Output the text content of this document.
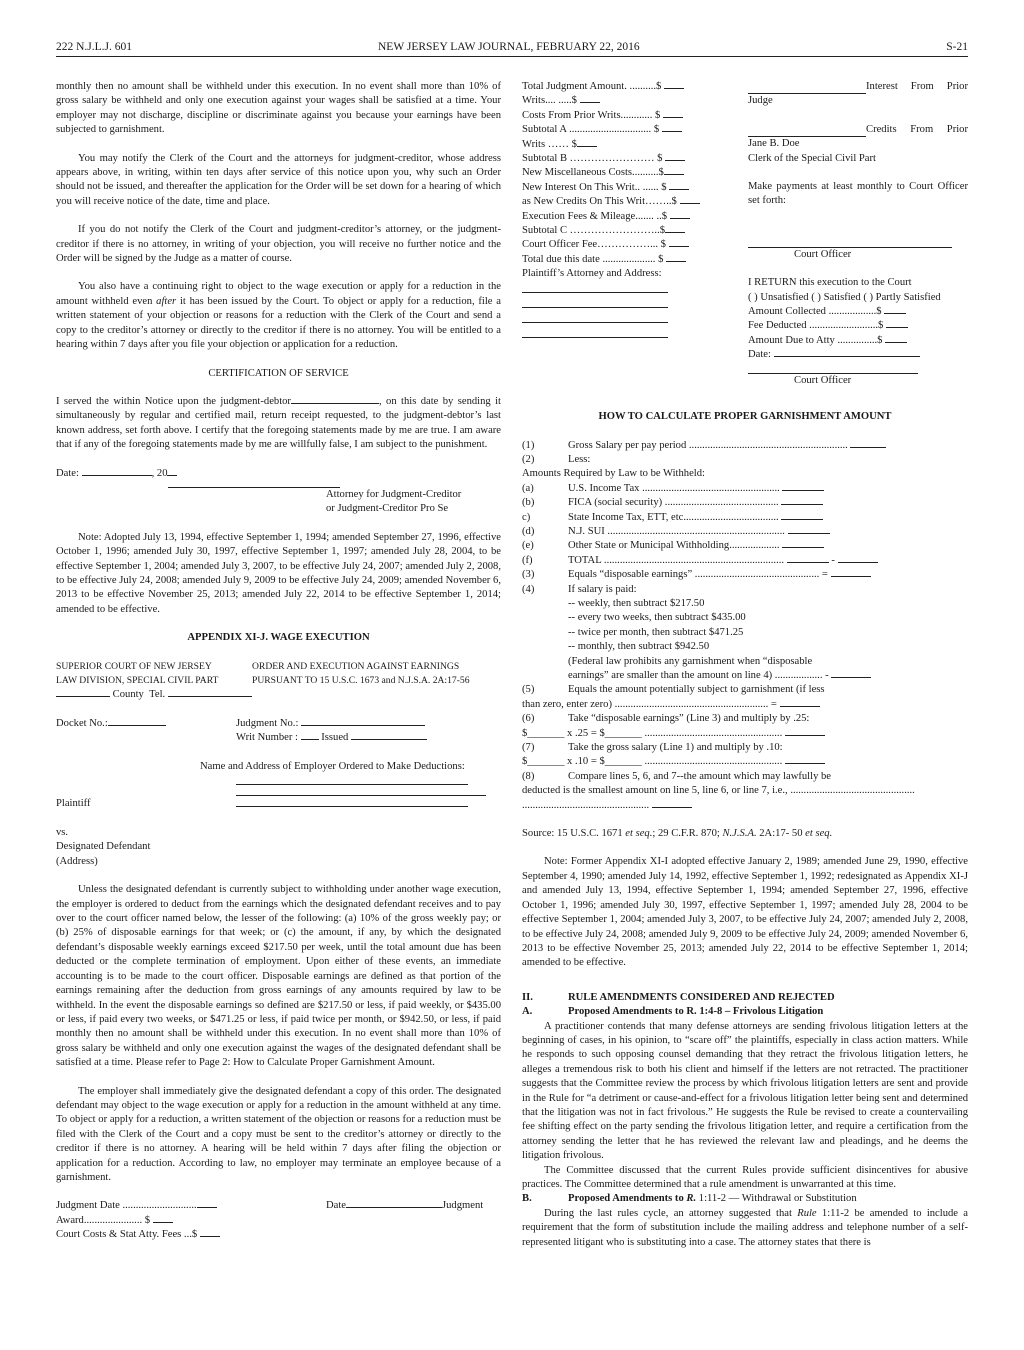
222 N.J.L.J. 601	NEW JERSEY LAW JOURNAL, FEBRUARY 22, 2016	S-21

monthly then no amount shall be withheld under this execution. In no event shall more than 10% of gross salary be withheld and only one execution against your wages shall be satisfied at a time. Your employer may not discharge, discipline or discriminate against you because your earnings have been subjected to garnishment.

You may notify the Clerk of the Court and the attorneys for judgment-creditor, whose address appears above, in writing, within ten days after service of this notice upon you, why such an Order should not be issued, and thereafter the application for the Order will be set down for a hearing of which you will receive notice of the date, time and place.

If you do not notify the Clerk of the Court and judgment-creditor’s attorney, or the judgment-creditor if there is no attorney, in writing of your objection, you will receive no further notice and the Order will be signed by the Judge as a matter of course.

You also have a continuing right to object to the wage execution or apply for a reduction in the amount withheld even after it has been issued by the Court. To object or apply for a reduction, file a written statement of your objection or reasons for a reduction with the Clerk of the Court and send a copy to the creditor’s attorney or directly to the creditor if there is no attorney. You will be entitled to a hearing within 7 days after you file your objection or application for a reduction.

CERTIFICATION OF SERVICE

I served the within Notice upon the judgment-debtor	, on this date by sending it simultaneously by regular and certified mail, return receipt requested, to the judgment-debtor’s last known address, set forth above. I certify that the foregoing statements made by me are true. I am aware that if any of the foregoing statements made by me are willfully false, I am subject to the punishment.

Date:	, 20

Attorney for Judgment-Creditor

or Judgment-Creditor Pro Se

Note: Adopted July 13, 1994, effective September 1, 1994; amended September 27, 1996, effective October 1, 1996; amended July 30, 1997, effective September 1, 1997; amended July 28, 2004, to be effective September 1, 2004; amended July 3, 2007, to be effective July 24, 2007; amended July 2, 2008, to be effective July 24, 2008; amended July 9, 2009 to be effective July 24, 2009; amended November 6, 2013 to be effective November 25, 2013; amended July 22, 2014 to be effective September 1, 2014; amended to be effective.

APPENDIX XI-J. WAGE EXECUTION

SUPERIOR COURT OF NEW JERSEY
LAW DIVISION, SPECIAL CIVIL PART
ORDER AND EXECUTION AGAINST EARNINGS
PURSUANT TO 15 U.S.C. 1673 and N.J.S.A. 2A:17-56

County Tel.

Docket No.:	Judgment No.:
Writ Number : Issued

Name and Address of Employer Ordered to Make Deductions:

Plaintiff

vs.

Designated Defendant

(Address)

Unless the designated defendant is currently subject to withholding under another wage execution, the employer is ordered to deduct from the earnings which the designated defendant receives and to pay over to the court officer named below, the lesser of the following: (a) 10% of the gross weekly pay; or (b) 25% of disposable earnings for that week; or (c) the amount, if any, by which the designated defendant’s disposable weekly earnings exceed $217.50 per week, until the total amount due has been deducted or the complete termination of employment. Upon either of these events, an immediate accounting is to be made to the court officer. Disposable earnings are defined as that portion of the earnings remaining after the deduction from gross earnings of any amounts required by law to be withheld. In the event the disposable earnings so defined are $217.50 or less, if paid weekly, or $435.00 or less, if paid every two weeks, or $471.25 or less, if paid twice per month, or $942.50, or less, if paid monthly then no amount shall be withheld under this execution. In no event shall more than 10% of gross salary be withheld and only one execution against the wages of the designated defendant shall be satisfied at a time. Please refer to Page 2: How to Calculate Proper Garnishment Amount.

The employer shall immediately give the designated defendant a copy of this order. The designated defendant may object to the wage execution or apply for a reduction in the amount withheld at any time. To object or apply for a reduction, a written statement of the objection or reasons for a reduction must be filed with the Clerk of the Court and a copy must be sent to the creditor’s attorney or directly to the creditor if there is no attorney. A hearing will be held within 7 days after filing the objection or application for a reduction. According to law, no employer may terminate an employee because of a garnishment.

Judgment Date ............................
Award...................... $
Court Costs & Stat Atty. Fees ...$
Date	Judgment
Total Judgment Amount. ..........$
Writs.... .....$
Costs From Prior Writs............ $
Subtotal A ............................... $
Writs …… $
Subtotal B …………………… $
New Miscellaneous Costs..........$
New Interest On This Writ.. ...... $
as New Credits On This Writ……..$
Execution Fees & Mileage....... ..$
Subtotal C ……………………..$
Court Officer Fee……………... $
Total due this date .................... $
Plaintiff’s Attorney and Address:
Interest From Prior
Judge
Credits From Prior
Jane B. Doe
Clerk of the Special Civil Part

Make payments at least monthly to Court Officer set forth:

Court Officer
I RETURN this execution to the Court
( ) Unsatisfied ( ) Satisfied ( ) Partly Satisfied
Amount Collected ..................$
Fee Deducted ..........................$
Amount Due to Atty ...............$
Date:
Court Officer

HOW TO CALCULATE PROPER GARNISHMENT AMOUNT

(1)	Gross Salary per pay period ............................................................
(2)	Less:
Amounts Required by Law to be Withheld:
(a)	U.S. Income Tax ....................................................
(b)	FICA (social security) ...........................................
c)	State Income Tax, ETT, etc....................................
(d)	N.J. SUI ...................................................................
(e)	Other State or Municipal Withholding...................
(f)	TOTAL ....................................................................	-
(3)	Equals “disposable earnings” ............................................... =
(4)	If salary is paid:
-- weekly, then subtract $217.50
-- every two weeks, then subtract $435.00
-- twice per month, then subtract $471.25
-- monthly, then subtract $942.50
(Federal law prohibits any garnishment when “disposable
earnings” are smaller than the amount on line 4) .................. -
(5)	Equals the amount potentially subject to garnishment (if less
than zero, enter zero) .......................................................... =
(6)	Take “disposable earnings” (Line 3) and multiply by .25:
$_______ x .25 = $_______ ....................................................
(7)	Take the gross salary (Line 1) and multiply by .10:
$_______ x .10 = $_______ ....................................................
(8)	Compare lines 5, 6, and 7--the amount which may lawfully be
deducted is the smallest amount on line 5, line 6, or line 7, i.e., ...............................................
................................................

Source: 15 U.S.C. 1671 et seq.; 29 C.F.R. 870; N.J.S.A. 2A:17- 50 et seq.

Note: Former Appendix XI-I adopted effective January 2, 1989; amended June 29, 1990, effective September 4, 1990; amended July 14, 1992, effective September 1, 1992; redesignated as Appendix XI-J and amended July 13, 1994, effective September 1, 1994; amended September 27, 1996, effective October 1, 1996; amended July 30, 1997, effective September 1, 1997; amended July 28, 2004 to be effective September 1, 2004; amended July 3, 2007, to be effective July 24, 2007; amended July 2, 2008, to be effective July 24, 2008; amended July 9, 2009 to be effective July 24, 2009; amended November 6, 2013 to be effective November 25, 2013; amended July 22, 2014 to be effective September 1, 2014; amended to be effective.

II.	RULE AMENDMENTS CONSIDERED AND REJECTED
A.	Proposed Amendments to R. 1:4-8 – Frivolous Litigation

A practitioner contends that many defense attorneys are sending frivolous litigation letters at the beginning of cases, in his opinion, to “scare off” the plaintiffs, especially in class action matters. While he responds to such opposing counsel demanding that they retract the frivolous litigation letters, he alleges a tremendous risk to both his client and himself if the letters are not retracted. The practitioner suggests that the Committee review the process by which frivolous litigation letters are sent and provide in the Rule for “a detriment or cause-and-effect for a frivolous litigation letter being sent and determined that the litigation was not in fact frivolous.” He suggests the Rule be revised to create a countervailing fee shifting effect on the party sending the frivolous litigation letter, and require a certification from the attorney sending the letter that he has reviewed the relevant law and pleadings, and he deems the litigation frivolous.

The Committee discussed that the current Rules provide sufficient disincentives for abusive practices. The Committee determined that a rule amendment is unwarranted at this time.

B.	Proposed Amendments to R. 1:11-2 — Withdrawal or Substitution

During the last rules cycle, an attorney suggested that Rule 1:11-2 be amended to include a requirement that the form of substitution include the mailing address and telephone number of a self-represented litigant who is substituting into a case. The attorney states that there is
